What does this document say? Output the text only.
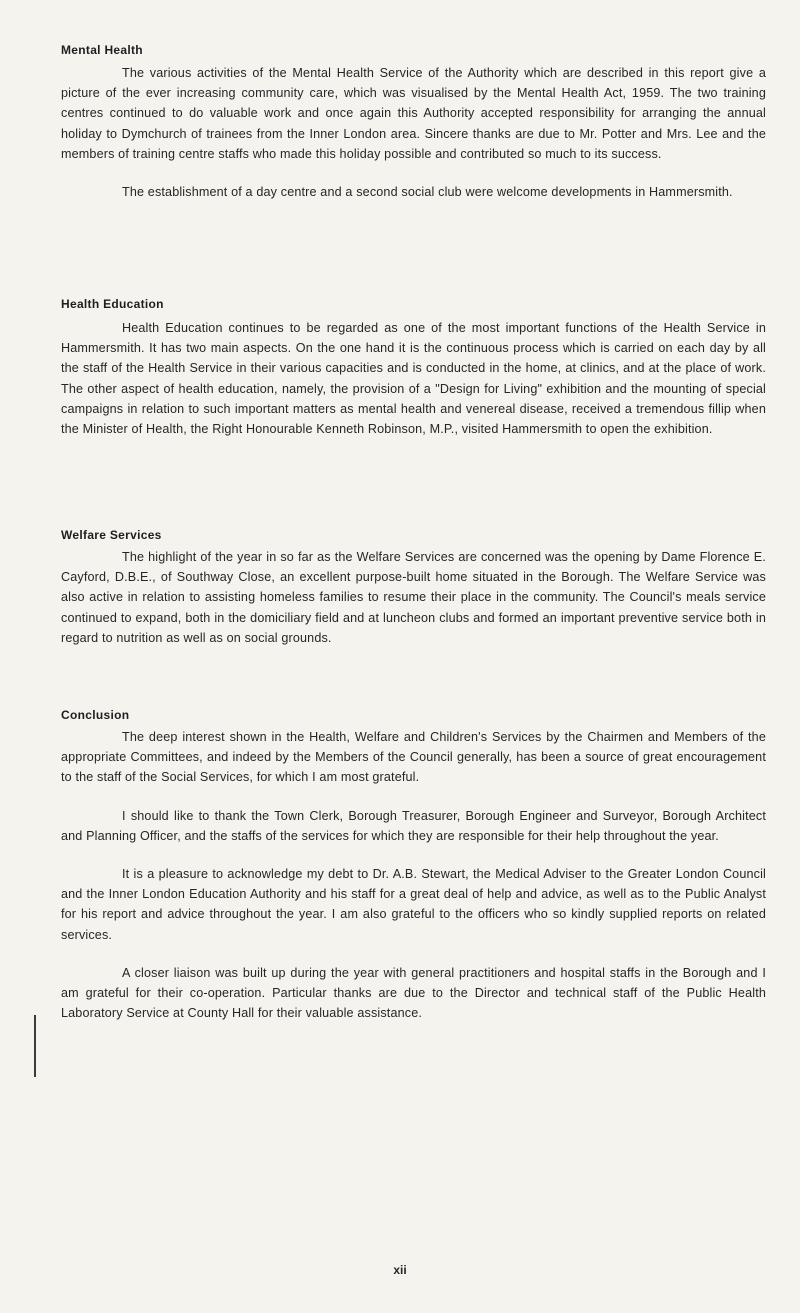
Mental Health

The various activities of the Mental Health Service of the Authority which are described in this report give a picture of the ever increasing community care, which was visualised by the Mental Health Act, 1959. The two training centres continued to do valuable work and once again this Authority accepted responsibility for arranging the annual holiday to Dymchurch of trainees from the Inner London area. Sincere thanks are due to Mr. Potter and Mrs. Lee and the members of training centre staffs who made this holiday possible and contributed so much to its success.

The establishment of a day centre and a second social club were welcome developments in Hammersmith.

Health Education

Health Education continues to be regarded as one of the most important functions of the Health Service in Hammersmith. It has two main aspects. On the one hand it is the continuous process which is carried on each day by all the staff of the Health Service in their various capacities and is conducted in the home, at clinics, and at the place of work. The other aspect of health education, namely, the provision of a "Design for Living" exhibition and the mounting of special campaigns in relation to such important matters as mental health and venereal disease, received a tremendous fillip when the Minister of Health, the Right Honourable Kenneth Robinson, M.P., visited Hammersmith to open the exhibition.

Welfare Services

The highlight of the year in so far as the Welfare Services are concerned was the opening by Dame Florence E. Cayford, D.B.E., of Southway Close, an excellent purpose-built home situated in the Borough. The Welfare Service was also active in relation to assisting homeless families to resume their place in the community. The Council's meals service continued to expand, both in the domiciliary field and at luncheon clubs and formed an important preventive service both in regard to nutrition as well as on social grounds.

Conclusion

The deep interest shown in the Health, Welfare and Children's Services by the Chairmen and Members of the appropriate Committees, and indeed by the Members of the Council generally, has been a source of great encouragement to the staff of the Social Services, for which I am most grateful.

I should like to thank the Town Clerk, Borough Treasurer, Borough Engineer and Surveyor, Borough Architect and Planning Officer, and the staffs of the services for which they are responsible for their help throughout the year.

It is a pleasure to acknowledge my debt to Dr. A.B. Stewart, the Medical Adviser to the Greater London Council and the Inner London Education Authority and his staff for a great deal of help and advice, as well as to the Public Analyst for his report and advice throughout the year. I am also grateful to the officers who so kindly supplied reports on related services.

A closer liaison was built up during the year with general practitioners and hospital staffs in the Borough and I am grateful for their co-operation. Particular thanks are due to the Director and technical staff of the Public Health Laboratory Service at County Hall for their valuable assistance.

xii
